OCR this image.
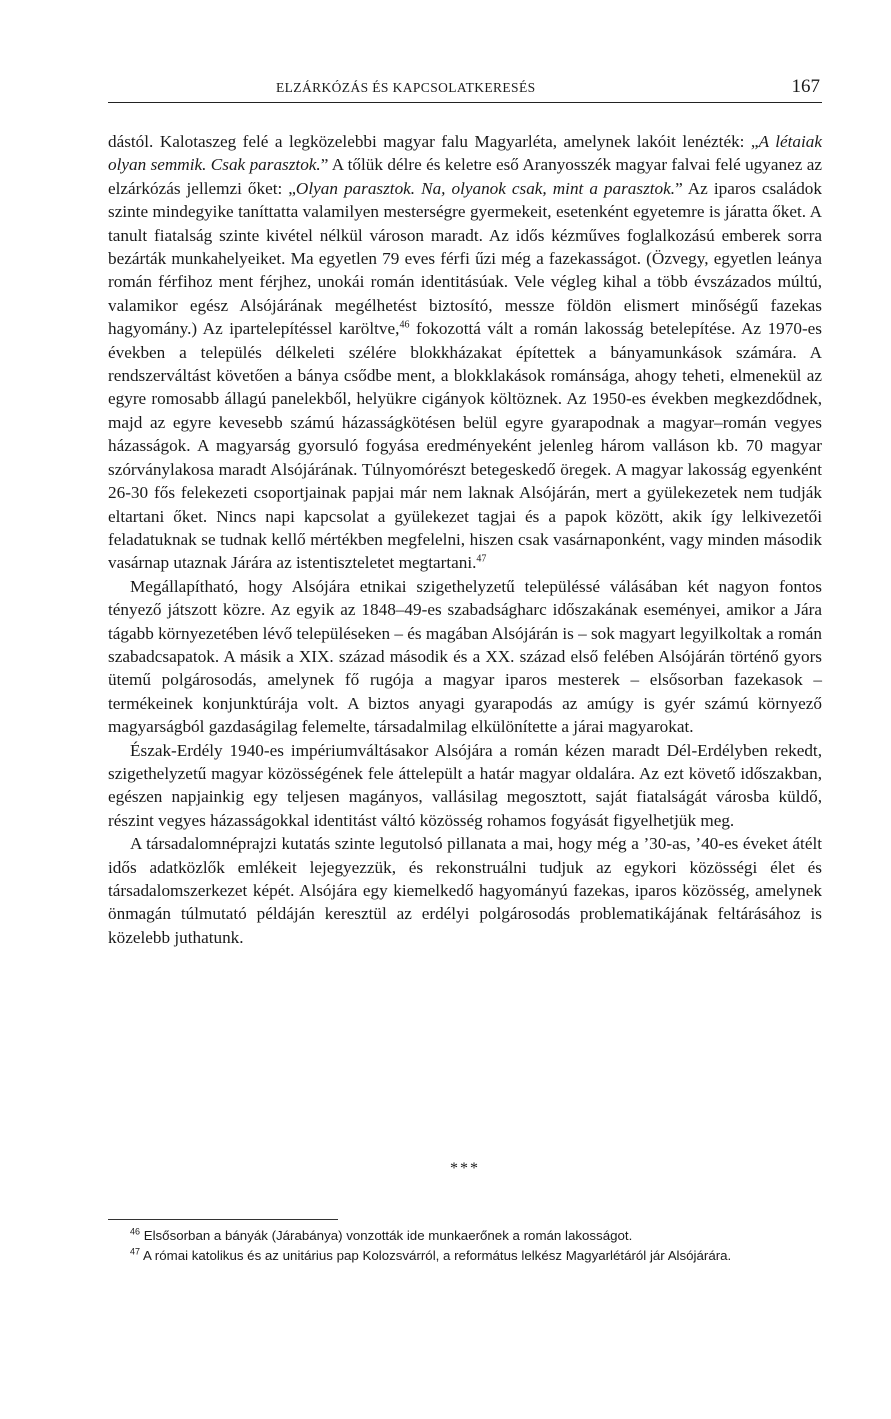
ELZÁRKÓZÁS ÉS KAPCSOLATKERESÉS	167

dástól. Kalotaszeg felé a legközelebbi magyar falu Magyarléta, amelynek lakóit lenézték: „A létaiak olyan semmik. Csak parasztok.” A tőlük délre és keletre eső Aranyosszék magyar falvai felé ugyanez az elzárkózás jellemzi őket: „Olyan parasztok. Na, olyanok csak, mint a parasztok.” Az iparos családok szinte mindegyike taníttatta valamilyen mesterségre gyermekeit, esetenként egyetemre is járatta őket. A tanult fiatalság szinte kivétel nélkül városon maradt. Az idős kézműves foglalkozású emberek sorra bezárták munkahelyeiket. Ma egyetlen 79 eves férfi űzi még a fazekasságot. (Özvegy, egyetlen leánya román férfihoz ment férjhez, unokái román identitásúak. Vele végleg kihal a több évszázados múltú, valamikor egész Alsójárának megélhetést biztosító, messze földön elismert minőségű fazekas hagyomány.) Az ipartelepítéssel karöltve,$^{46}$ fokozottá vált a román lakosság betelepítése. Az 1970-es években a település délkeleti szélére blokkházakat építettek a bányamunkások számára. A rendszerváltást követően a bánya csődbe ment, a blokklakások románsága, ahogy teheti, elmenekül az egyre romosabb állagú panelekből, helyükre cigányok költöznek. Az 1950-es években megkezdődnek, majd az egyre kevesebb számú házasságkötésen belül egyre gyarapodnak a magyar–román vegyes házasságok. A magyarság gyorsuló fogyása eredményeként jelenleg három valláson kb. 70 magyar szórványlakosa maradt Alsójárának. Túlnyomórészt betegeskedő öregek. A magyar lakosság egyenként 26-30 fős felekezeti csoportjainak papjai már nem laknak Alsójárán, mert a gyülekezetek nem tudják eltartani őket. Nincs napi kapcsolat a gyülekezet tagjai és a papok között, akik így lelkivezetői feladatuknak se tudnak kellő mértékben megfelelni, hiszen csak vasárnaponként, vagy minden második vasárnap utaznak Járára az istentiszteletet megtartani.$^{47}$

Megállapítható, hogy Alsójára etnikai szigethelyzetű településsé válásában két nagyon fontos tényező játszott közre. Az egyik az 1848–49-es szabadságharc időszakának eseményei, amikor a Jára tágabb környezetében lévő településeken – és magában Alsójárán is – sok magyart legyilkoltak a román szabadcsapatok. A másik a XIX. század második és a XX. század első felében Alsójárán történő gyors ütemű polgárosodás, amelynek fő rugója a magyar iparos mesterek – elsősorban fazekasok – termékeinek konjunktúrája volt. A biztos anyagi gyarapodás az amúgy is gyér számú környező magyarságból gazdaságilag felemelte, társadalmilag elkülönítette a járai magyarokat.

Észak-Erdély 1940-es impériumváltásakor Alsójára a román kézen maradt Dél-Erdélyben rekedt, szigethelyzetű magyar közösségének fele áttelepült a határ magyar oldalára. Az ezt követő időszakban, egészen napjainkig egy teljesen magányos, vallásilag megosztott, saját fiatalságát városba küldő, részint vegyes házasságokkal identitást váltó közösség rohamos fogyását figyelhetjük meg.

A társadalomnéprajzi kutatás szinte legutolsó pillanata a mai, hogy még a ’30-as, ’40-es éveket átélt idős adatközlők emlékeit lejegyezzük, és rekonstruálni tudjuk az egykori közösségi élet és társadalomszerkezet képét. Alsójára egy kiemelkedő hagyományú fazekas, iparos közösség, amelynek önmagán túlmutató példáján keresztül az erdélyi polgárosodás problematikájának feltárásához is közelebb juthatunk.

***

$^{46}$ Elsősorban a bányák (Járabánya) vonzották ide munkaerőnek a román lakosságot.

$^{47}$ A római katolikus és az unitárius pap Kolozsvárról, a református lelkész Magyarlétáról jár Alsójárára.
